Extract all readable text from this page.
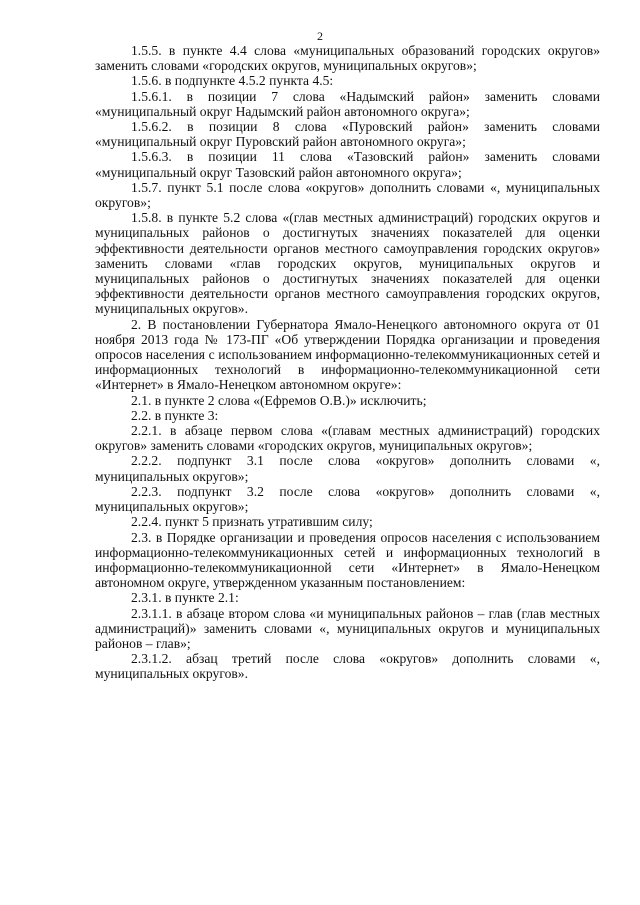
2

1.5.5. в пункте 4.4 слова «муниципальных образований городских округов» заменить словами «городских округов, муниципальных округов»;

1.5.6. в подпункте 4.5.2 пункта 4.5:

1.5.6.1. в позиции 7 слова «Надымский район» заменить словами «муниципальный округ Надымский район автономного округа»;

1.5.6.2. в позиции 8 слова «Пуровский район» заменить словами «муниципальный округ Пуровский район автономного округа»;

1.5.6.3. в позиции 11 слова «Тазовский район» заменить словами «муниципальный округ Тазовский район автономного округа»;

1.5.7. пункт 5.1 после слова «округов» дополнить словами «, муниципальных округов»;

1.5.8. в пункте 5.2 слова «(глав местных администраций) городских округов и муниципальных районов о достигнутых значениях показателей для оценки эффективности деятельности органов местного самоуправления городских округов» заменить словами «глав городских округов, муниципальных округов и муниципальных районов о достигнутых значениях показателей для оценки эффективности деятельности органов местного самоуправления городских округов, муниципальных округов».

2. В постановлении Губернатора Ямало-Ненецкого автономного округа от 01 ноября 2013 года № 173-ПГ «Об утверждении Порядка организации и проведения опросов населения с использованием информационно-телекоммуникационных сетей и информационных технологий в информационно-телекоммуникационной сети «Интернет» в Ямало-Ненецком автономном округе»:

2.1. в пункте 2 слова «(Ефремов О.В.)» исключить;

2.2. в пункте 3:

2.2.1. в абзаце первом слова «(главам местных администраций) городских округов» заменить словами «городских округов, муниципальных округов»;

2.2.2. подпункт 3.1 после слова «округов» дополнить словами «, муниципальных округов»;

2.2.3. подпункт 3.2 после слова «округов» дополнить словами «, муниципальных округов»;

2.2.4. пункт 5 признать утратившим силу;

2.3. в Порядке организации и проведения опросов населения с использованием информационно-телекоммуникационных сетей и информационных технологий в информационно-телекоммуникационной сети «Интернет» в Ямало-Ненецком автономном округе, утвержденном указанным постановлением:

2.3.1. в пункте 2.1:

2.3.1.1. в абзаце втором слова «и муниципальных районов – глав (глав местных администраций)» заменить словами «, муниципальных округов и муниципальных районов – глав»;

2.3.1.2. абзац третий после слова «округов» дополнить словами «, муниципальных округов».
